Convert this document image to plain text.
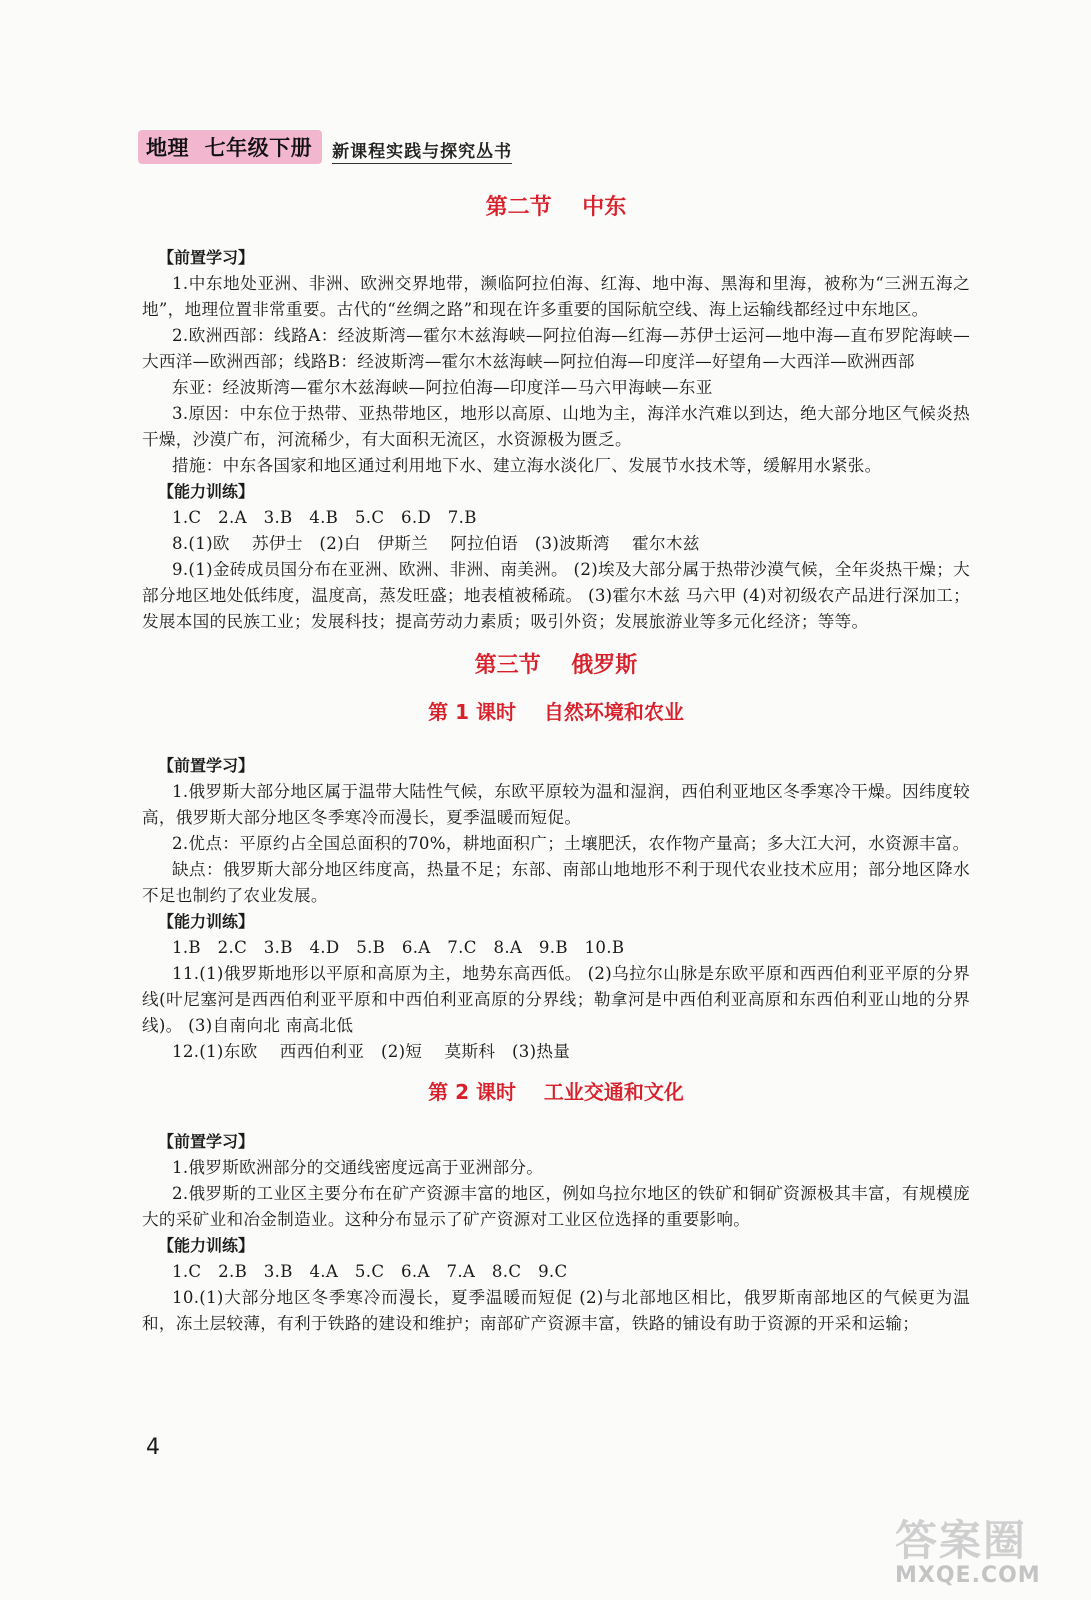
地理  七年级下册	新课程实践与探究丛书
第二节    中东

【前置学习】

1.中东地处亚洲、非洲、欧洲交界地带，濒临阿拉伯海、红海、地中海、黑海和里海，被称为“三洲五海之地”，地理位置非常重要。古代的“丝绸之路”和现在许多重要的国际航空线、海上运输线都经过中东地区。

2.欧洲西部：线路A：经波斯湾—霍尔木兹海峡—阿拉伯海—红海—苏伊士运河—地中海—直布罗陀海峡—大西洋—欧洲西部；线路B：经波斯湾—霍尔木兹海峡—阿拉伯海—印度洋—好望角—大西洋—欧洲西部

东亚：经波斯湾—霍尔木兹海峡—阿拉伯海—印度洋—马六甲海峡—东亚

3.原因：中东位于热带、亚热带地区，地形以高原、山地为主，海洋水汽难以到达，绝大部分地区气候炎热干燥，沙漠广布，河流稀少，有大面积无流区，水资源极为匮乏。

措施：中东各国家和地区通过利用地下水、建立海水淡化厂、发展节水技术等，缓解用水紧张。

【能力训练】

1.C   2.A   3.B   4.B   5.C   6.D   7.B

8.(1)欧    苏伊士   (2)白   伊斯兰    阿拉伯语   (3)波斯湾    霍尔木兹

9.(1)金砖成员国分布在亚洲、欧洲、非洲、南美洲。 (2)埃及大部分属于热带沙漠气候，全年炎热干燥；大部分地区地处低纬度，温度高，蒸发旺盛；地表植被稀疏。 (3)霍尔木兹 马六甲 (4)对初级农产品进行深加工；发展本国的民族工业；发展科技；提高劳动力素质；吸引外资；发展旅游业等多元化经济；等等。

第三节    俄罗斯
第 1 课时    自然环境和农业

【前置学习】

1.俄罗斯大部分地区属于温带大陆性气候，东欧平原较为温和湿润，西伯利亚地区冬季寒冷干燥。因纬度较高，俄罗斯大部分地区冬季寒冷而漫长，夏季温暖而短促。

2.优点：平原约占全国总面积的70%，耕地面积广；土壤肥沃，农作物产量高；多大江大河，水资源丰富。

缺点：俄罗斯大部分地区纬度高，热量不足；东部、南部山地地形不利于现代农业技术应用；部分地区降水不足也制约了农业发展。

【能力训练】

1.B   2.C   3.B   4.D   5.B   6.A   7.C   8.A   9.B   10.B

11.(1)俄罗斯地形以平原和高原为主，地势东高西低。 (2)乌拉尔山脉是东欧平原和西西伯利亚平原的分界线(叶尼塞河是西西伯利亚平原和中西伯利亚高原的分界线；勒拿河是中西伯利亚高原和东西伯利亚山地的分界线)。 (3)自南向北 南高北低

12.(1)东欧    西西伯利亚   (2)短    莫斯科   (3)热量

第 2 课时    工业交通和文化

【前置学习】

1.俄罗斯欧洲部分的交通线密度远高于亚洲部分。

2.俄罗斯的工业区主要分布在矿产资源丰富的地区，例如乌拉尔地区的铁矿和铜矿资源极其丰富，有规模庞大的采矿业和冶金制造业。这种分布显示了矿产资源对工业区位选择的重要影响。

【能力训练】

1.C   2.B   3.B   4.A   5.C   6.A   7.A   8.C   9.C

10.(1)大部分地区冬季寒冷而漫长，夏季温暖而短促 (2)与北部地区相比，俄罗斯南部地区的气候更为温和，冻土层较薄，有利于铁路的建设和维护；南部矿产资源丰富，铁路的铺设有助于资源的开采和运输；

4
答案圈
MXQE.COM
